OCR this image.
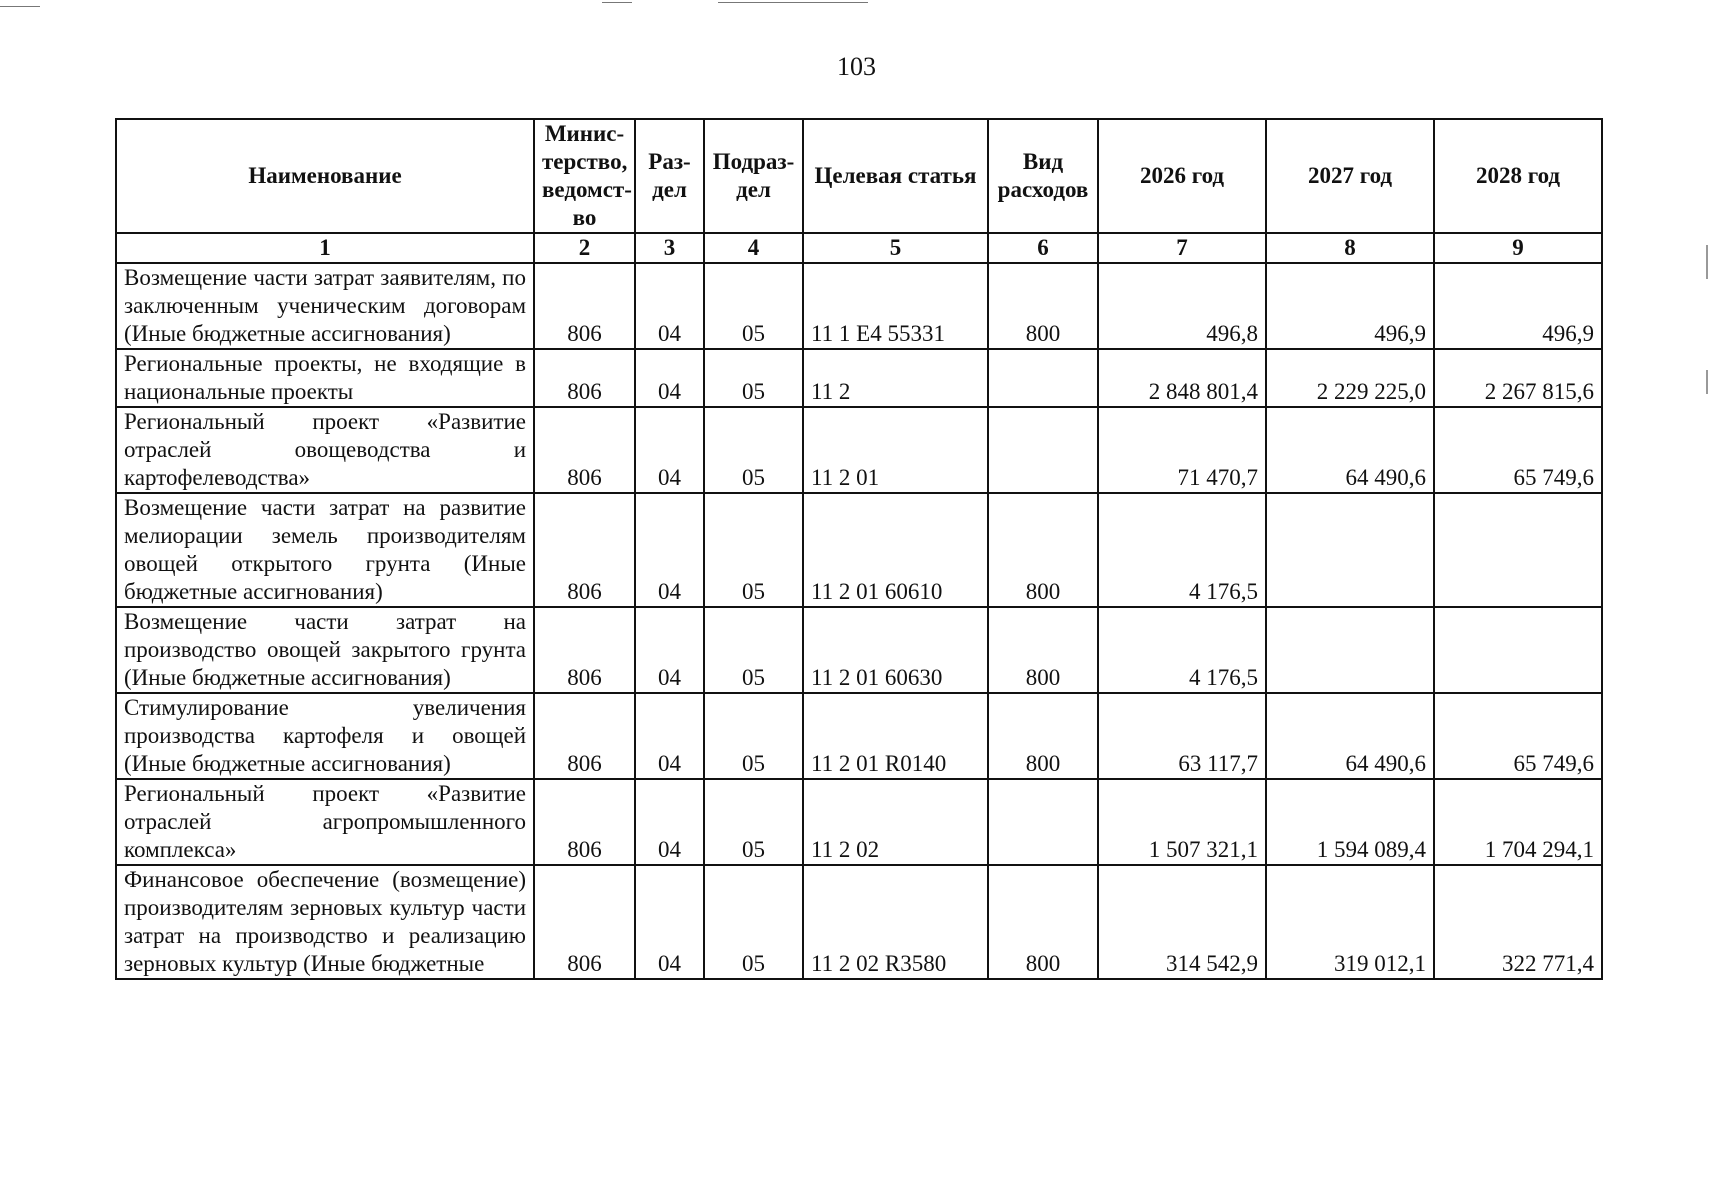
103
Наименование	Минис-терство, ведомст-во	Раз-дел	Подраз-дел	Целевая статья	Вид расходов	2026 год	2027 год	2028 год
1	2	3	4	5	6	7	8	9
Возмещение части затрат заявителям, по заключенным ученическим договорам (Иные бюджетные ассигнования)	806	04	05	11 1 E4 55331	800	496,8	496,9	496,9
Региональные проекты, не входящие в национальные проекты	806	04	05	11 2		2 848 801,4	2 229 225,0	2 267 815,6
Региональный проект «Развитие отраслей овощеводства и картофелеводства»	806	04	05	11 2 01		71 470,7	64 490,6	65 749,6
Возмещение части затрат на развитие мелиорации земель производителям овощей открытого грунта (Иные бюджетные ассигнования)	806	04	05	11 2 01 60610	800	4 176,5		
Возмещение части затрат на производство овощей закрытого грунта (Иные бюджетные ассигнования)	806	04	05	11 2 01 60630	800	4 176,5		
Стимулирование увеличения производства картофеля и овощей (Иные бюджетные ассигнования)	806	04	05	11 2 01 R0140	800	63 117,7	64 490,6	65 749,6
Региональный проект «Развитие отраслей агропромышленного комплекса»	806	04	05	11 2 02		1 507 321,1	1 594 089,4	1 704 294,1
Финансовое обеспечение (возмещение) производителям зерновых культур части затрат на производство и реализацию зерновых культур (Иные бюджетные	806	04	05	11 2 02 R3580	800	314 542,9	319 012,1	322 771,4
